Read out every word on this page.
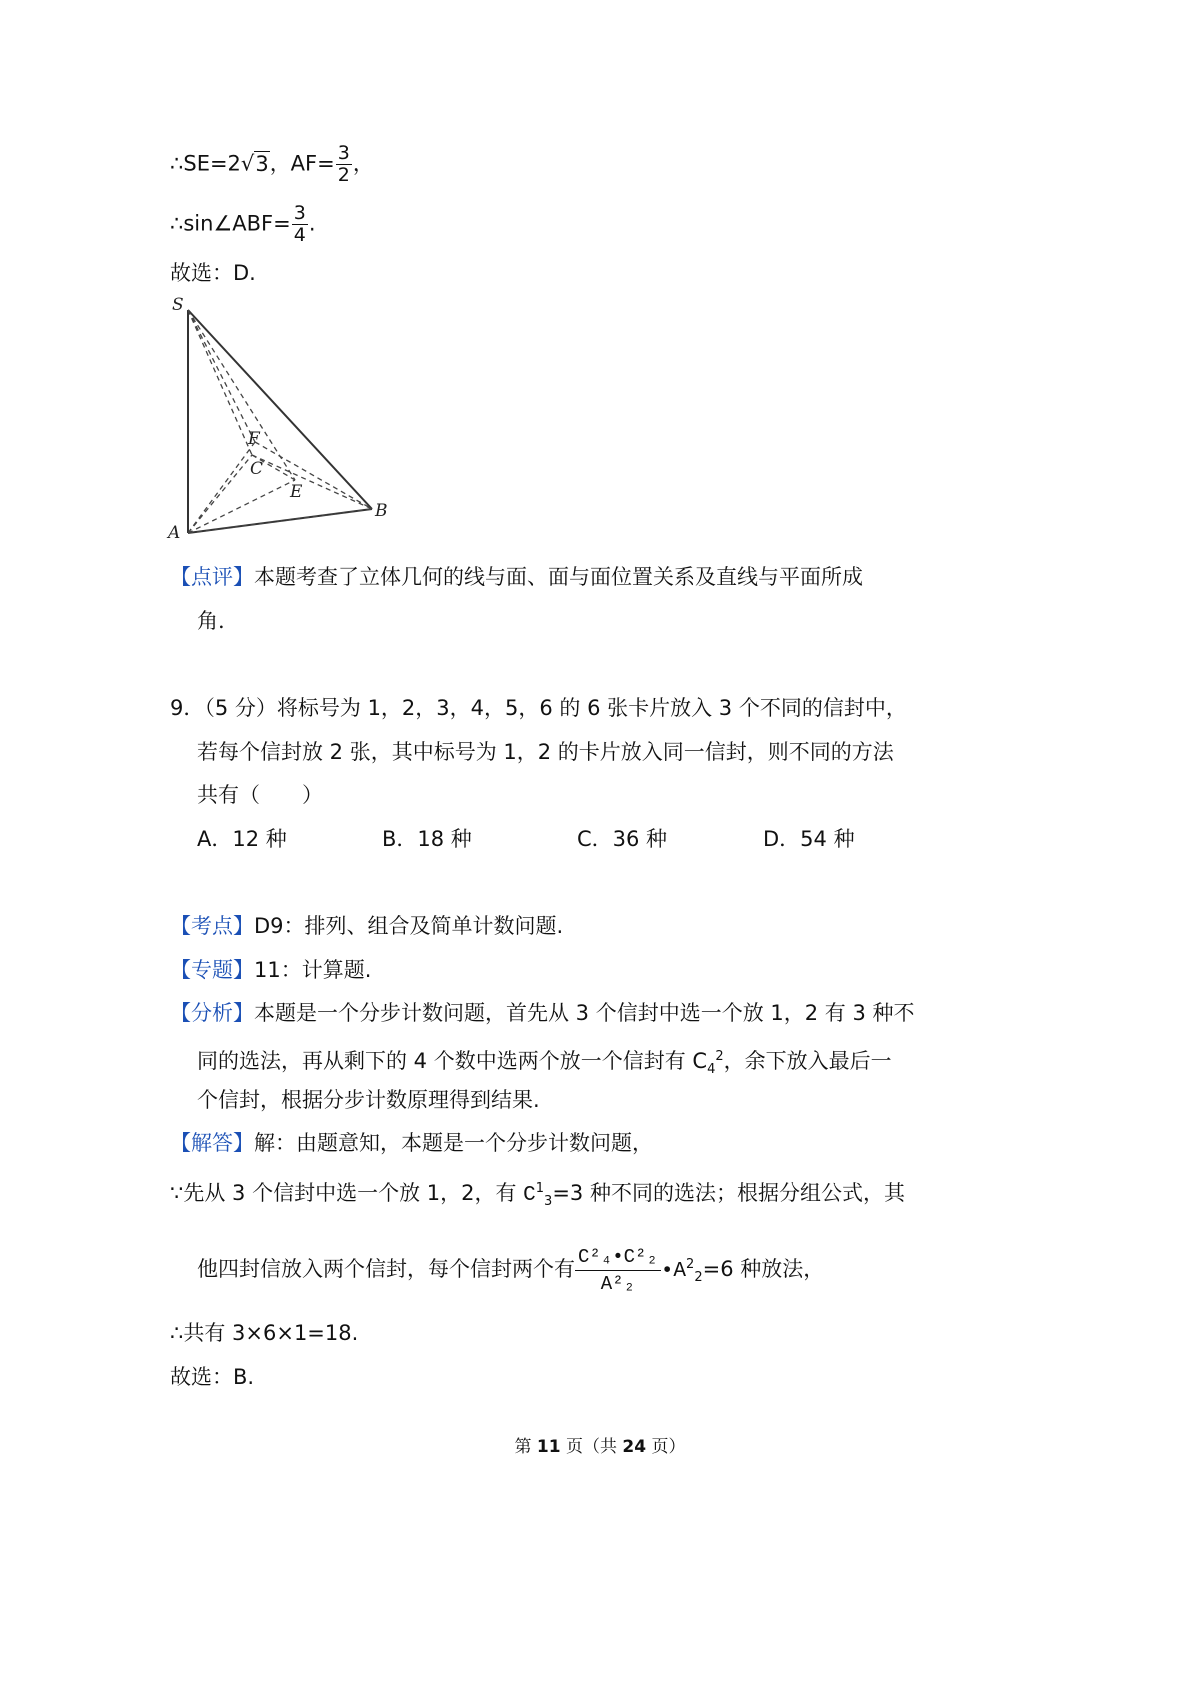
∴SE=2√3，$AF= \frac{3}{2}$ ，
∴sin∠ABF= $\frac{3}{4}$ .
故选：D.
S
F
C
E
B
A
【点评】本题考查了立体几何的线与面、面与面位置关系及直线与平面所成
角.
9．（5 分）将标号为 1，2，3，4，5，6 的 6 张卡片放入 3 个不同的信封中，
若每个信封放 2 张，其中标号为 1，2 的卡片放入同一信封，则不同的方法
共有（　　）
A．12 种	B．18 种	C．36 种	D．54 种
【考点】D9：排列、组合及简单计数问题.
【专题】11：计算题.
【分析】本题是一个分步计数问题，首先从 3 个信封中选一个放 1，2 有 3 种不
同的选法，再从剩下的 4 个数中选两个放一个信封有 $C_4^2$，余下放入最后一
个信封，根据分步计数原理得到结果.
【解答】解：由题意知，本题是一个分步计数问题，
∵先从 3 个信封中选一个放 1，2，有 $C^1_3=3$ 种不同的选法；根据分组公式，其
他四封信放入两个信封，每个信封两个有 $\frac{\text{C²₄•C²₂}}{\text{A²₂}}$ $•A^2_2=6$ 种放法，
∴共有 3×6×1=18.
故选：B.
第 11 页（共 24 页）
